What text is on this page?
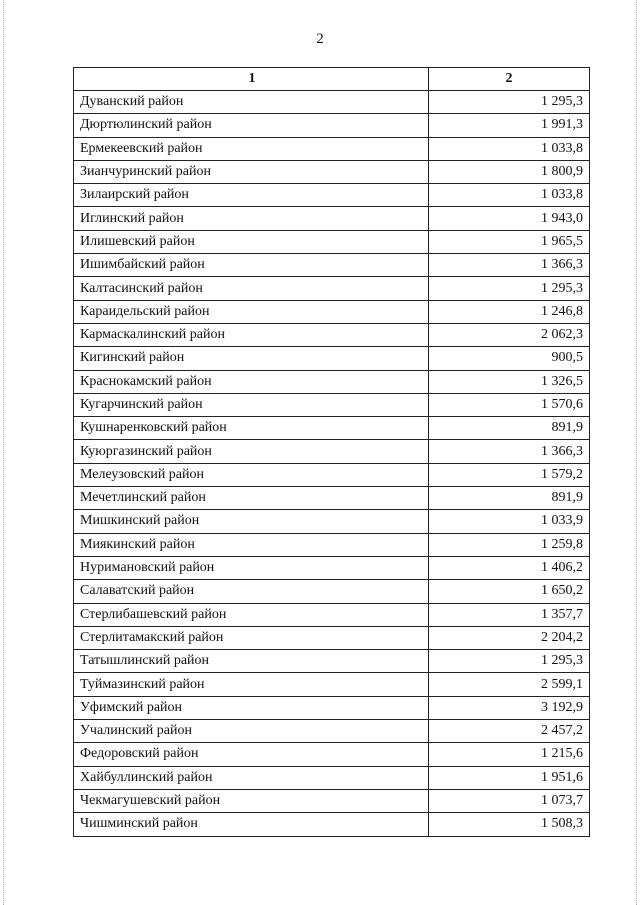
2
1	2
Дуванский район	1 295,3
Дюртюлинский район	1 991,3
Ермекеевский район	1 033,8
Зианчуринский район	1 800,9
Зилаирский район	1 033,8
Иглинский район	1 943,0
Илишевский район	1 965,5
Ишимбайский район	1 366,3
Калтасинский район	1 295,3
Караидельский район	1 246,8
Кармаскалинский район	2 062,3
Кигинский район	900,5
Краснокамский район	1 326,5
Кугарчинский район	1 570,6
Кушнаренковский район	891,9
Куюргазинский район	1 366,3
Мелеузовский район	1 579,2
Мечетлинский район	891,9
Мишкинский район	1 033,9
Миякинский район	1 259,8
Нуримановский район	1 406,2
Салаватский район	1 650,2
Стерлибашевский район	1 357,7
Стерлитамакский район	2 204,2
Татышлинский район	1 295,3
Туймазинский район	2 599,1
Уфимский район	3 192,9
Учалинский район	2 457,2
Федоровский район	1 215,6
Хайбуллинский район	1 951,6
Чекмагушевский район	1 073,7
Чишминский район	1 508,3
